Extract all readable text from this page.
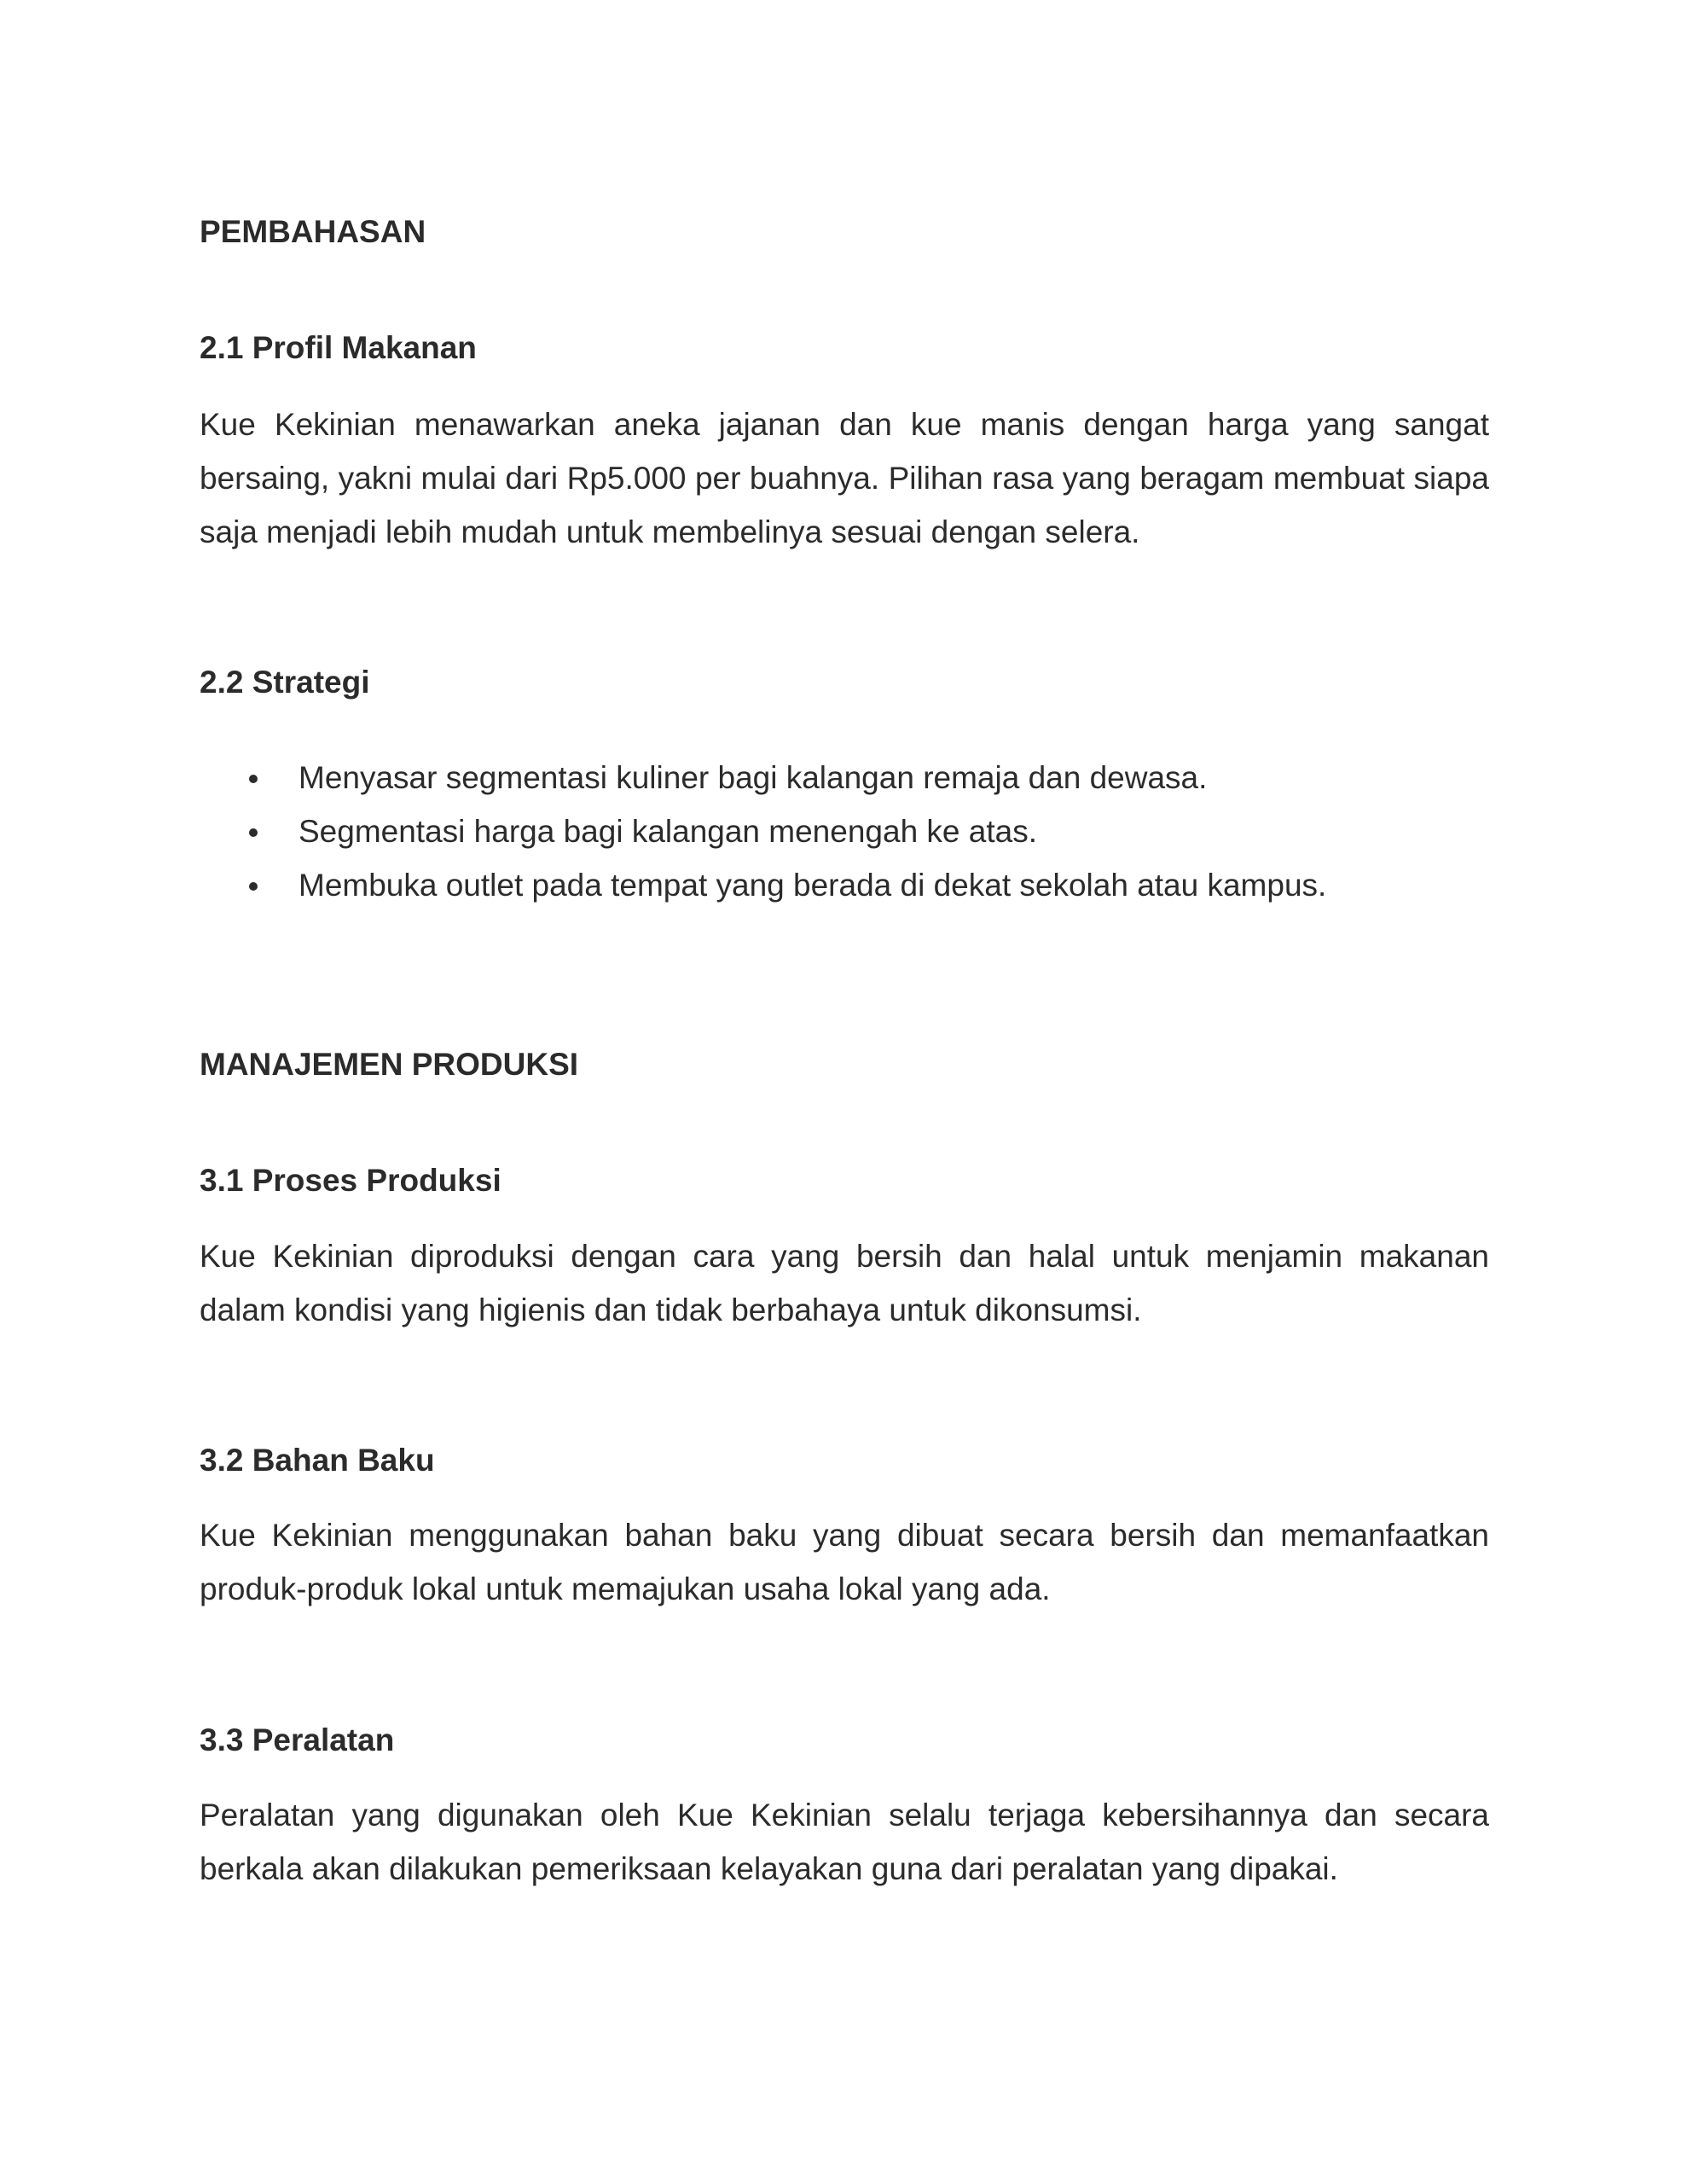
PEMBAHASAN
2.1 Profil Makanan

Kue Kekinian menawarkan aneka jajanan dan kue manis dengan harga yang sangat bersaing, yakni mulai dari Rp5.000 per buahnya. Pilihan rasa yang beragam membuat siapa saja menjadi lebih mudah untuk membelinya sesuai dengan selera.

2.2 Strategi
Menyasar segmentasi kuliner bagi kalangan remaja dan dewasa.
Segmentasi harga bagi kalangan menengah ke atas.
Membuka outlet pada tempat yang berada di dekat sekolah atau kampus.
MANAJEMEN PRODUKSI
3.1 Proses Produksi

Kue Kekinian diproduksi dengan cara yang bersih dan halal untuk menjamin makanan dalam kondisi yang higienis dan tidak berbahaya untuk dikonsumsi.

3.2 Bahan Baku

Kue Kekinian menggunakan bahan baku yang dibuat secara bersih dan memanfaatkan produk-produk lokal untuk memajukan usaha lokal yang ada.

3.3 Peralatan

Peralatan yang digunakan oleh Kue Kekinian selalu terjaga kebersihannya dan secara berkala akan dilakukan pemeriksaan kelayakan guna dari peralatan yang dipakai.
